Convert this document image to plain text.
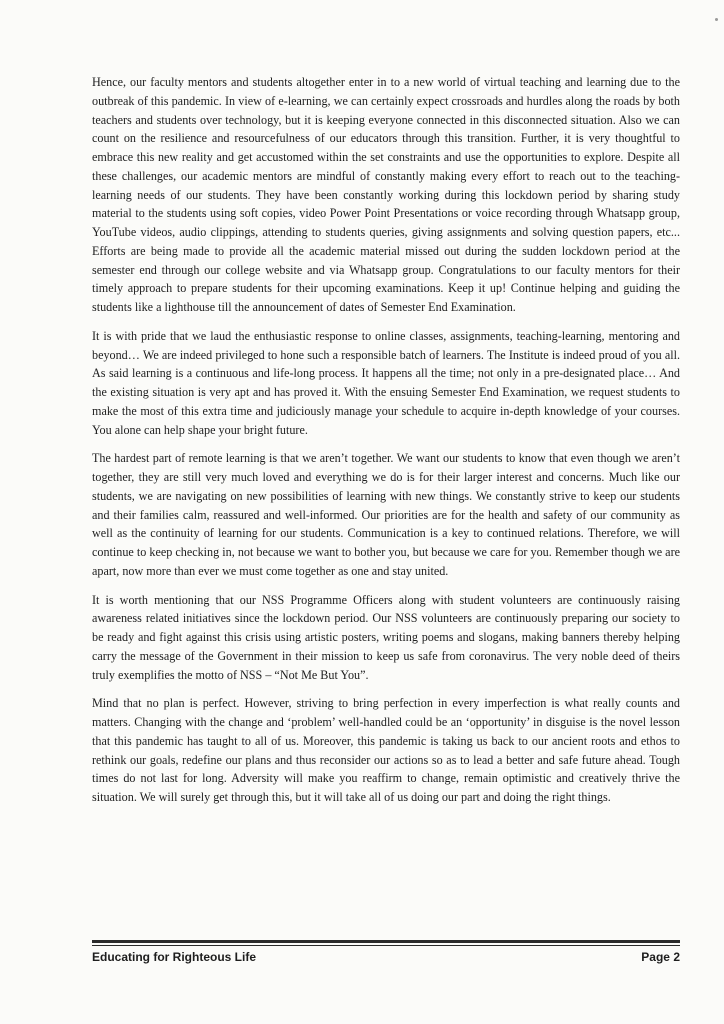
Hence, our faculty mentors and students altogether enter in to a new world of virtual teaching and learning due to the outbreak of this pandemic. In view of e-learning, we can certainly expect crossroads and hurdles along the roads by both teachers and students over technology, but it is keeping everyone connected in this disconnected situation. Also we can count on the resilience and resourcefulness of our educators through this transition. Further, it is very thoughtful to embrace this new reality and get accustomed within the set constraints and use the opportunities to explore. Despite all these challenges, our academic mentors are mindful of constantly making every effort to reach out to the teaching-learning needs of our students. They have been constantly working during this lockdown period by sharing study material to the students using soft copies, video Power Point Presentations or voice recording through Whatsapp group, YouTube videos, audio clippings, attending to students queries, giving assignments and solving question papers, etc... Efforts are being made to provide all the academic material missed out during the sudden lockdown period at the semester end through our college website and via Whatsapp group. Congratulations to our faculty mentors for their timely approach to prepare students for their upcoming examinations. Keep it up! Continue helping and guiding the students like a lighthouse till the announcement of dates of Semester End Examination.

It is with pride that we laud the enthusiastic response to online classes, assignments, teaching-learning, mentoring and beyond… We are indeed privileged to hone such a responsible batch of learners. The Institute is indeed proud of you all. As said learning is a continuous and life-long process. It happens all the time; not only in a pre-designated place… And the existing situation is very apt and has proved it. With the ensuing Semester End Examination, we request students to make the most of this extra time and judiciously manage your schedule to acquire in-depth knowledge of your courses. You alone can help shape your bright future.

The hardest part of remote learning is that we aren’t together. We want our students to know that even though we aren’t together, they are still very much loved and everything we do is for their larger interest and concerns. Much like our students, we are navigating on new possibilities of learning with new things. We constantly strive to keep our students and their families calm, reassured and well-informed. Our priorities are for the health and safety of our community as well as the continuity of learning for our students. Communication is a key to continued relations. Therefore, we will continue to keep checking in, not because we want to bother you, but because we care for you. Remember though we are apart, now more than ever we must come together as one and stay united.

It is worth mentioning that our NSS Programme Officers along with student volunteers are continuously raising awareness related initiatives since the lockdown period. Our NSS volunteers are continuously preparing our society to be ready and fight against this crisis using artistic posters, writing poems and slogans, making banners thereby helping carry the message of the Government in their mission to keep us safe from coronavirus. The very noble deed of theirs truly exemplifies the motto of NSS – “Not Me But You”.

Mind that no plan is perfect. However, striving to bring perfection in every imperfection is what really counts and matters. Changing with the change and ‘problem’ well-handled could be an ‘opportunity’ in disguise is the novel lesson that this pandemic has taught to all of us. Moreover, this pandemic is taking us back to our ancient roots and ethos to rethink our goals, redefine our plans and thus reconsider our actions so as to lead a better and safe future ahead. Tough times do not last for long. Adversity will make you reaffirm to change, remain optimistic and creatively thrive the situation. We will surely get through this, but it will take all of us doing our part and doing the right things.

Educating for Righteous Life	Page 2
